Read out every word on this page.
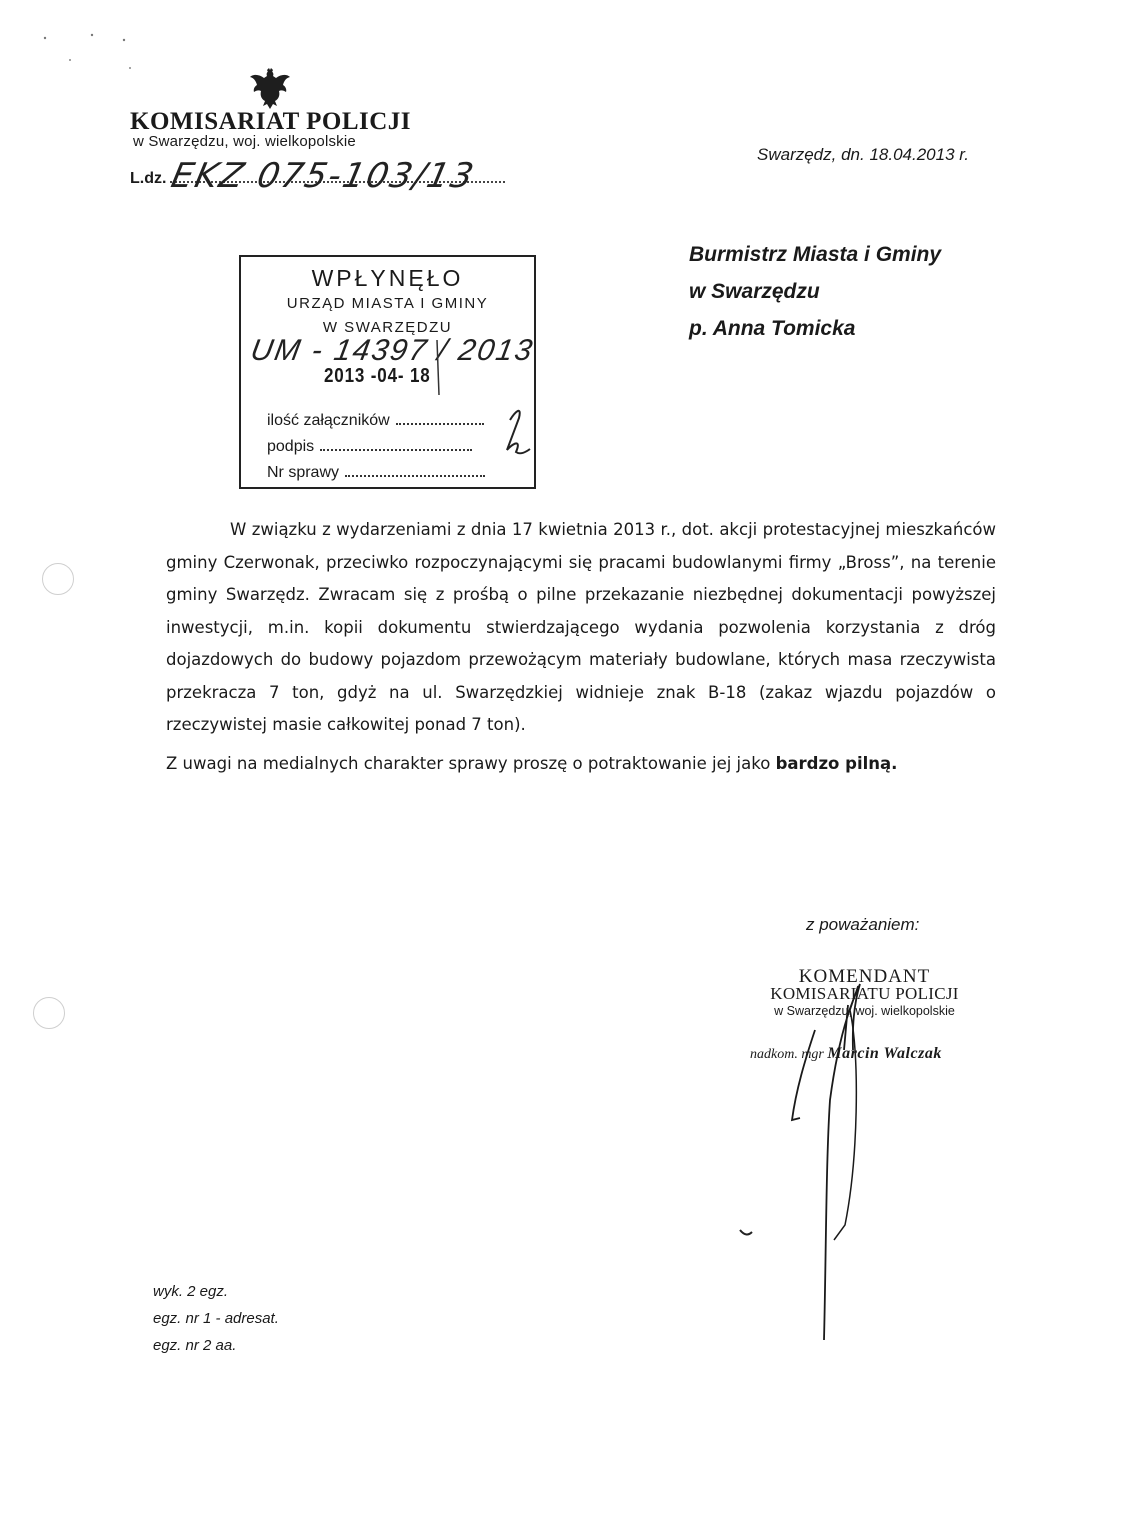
KOMISARIAT POLICJI
w Swarzędzu, woj. wielkopolskie
L.dz. EKZ 075-103/13
Swarzędz, dn. 18.04.2013 r.
Burmistrz Miasta i Gminy
w Swarzędzu
p. Anna Tomicka
WPŁYNĘŁO
URZĄD MIASTA I GMINY
W SWARZĘDZU
UM - 14397 / 2013
2013 -04- 18
ilość załączników
podpis
Nr sprawy

W związku z wydarzeniami z dnia 17 kwietnia 2013 r., dot. akcji protestacyjnej mieszkańców gminy Czerwonak, przeciwko rozpoczynającymi się pracami budowlanymi firmy „Bross”, na terenie gminy Swarzędz. Zwracam się z prośbą o pilne przekazanie niezbędnej dokumentacji powyższej inwestycji, m.in. kopii dokumentu stwierdzającego wydania pozwolenia korzystania z dróg dojazdowych do budowy pojazdom przewożącym materiały budowlane, których masa rzeczywista przekracza 7 ton, gdyż na ul. Swarzędzkiej widnieje znak B-18 (zakaz wjazdu pojazdów o rzeczywistej masie całkowitej ponad 7 ton).

Z uwagi na medialnych charakter sprawy proszę o potraktowanie jej jako bardzo pilną.

z poważaniem:
KOMENDANT
KOMISARIATU POLICJI
w Swarzędzu, woj. wielkopolskie
nadkom. mgr Marcin Walczak
wyk. 2 egz.
egz. nr 1 - adresat.
egz. nr 2 aa.
